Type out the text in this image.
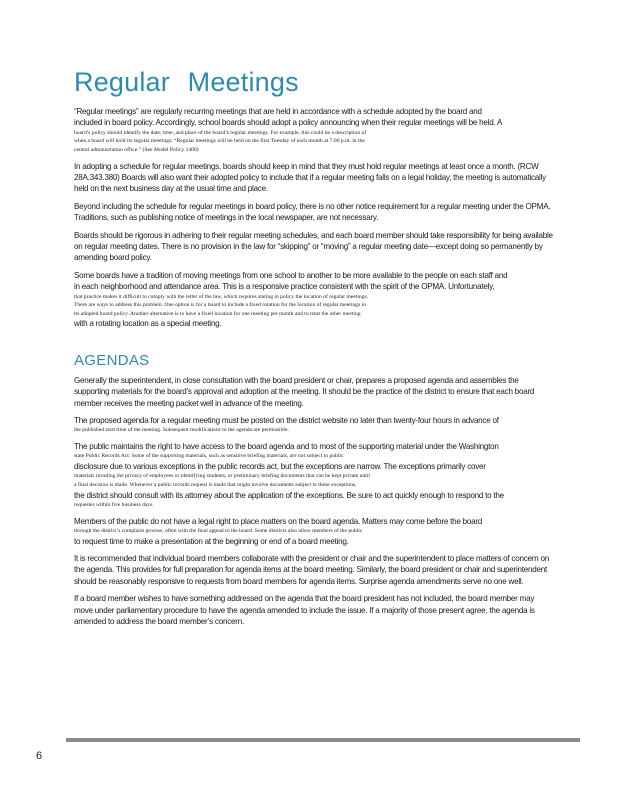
Regular Meetings
“Regular meetings” are regularly recurring meetings that are held in accordance with a schedule adopted by the board and
included in board policy. Accordingly, school boards should adopt a policy announcing when their regular meetings will be held. A
board’s policy should identify the date, time, and place of the board’s regular meetings. For example, this could be a description of
when a board will hold its regular meetings: “Regular meetings will be held on the first Tuesday of each month at 7:00 p.m. in the
central administration office.” (See Model Policy 1400)

In adopting a schedule for regular meetings, boards should keep in mind that they must hold regular meetings at least once a month. (RCW 28A.343.380) Boards will also want their adopted policy to include that if a regular meeting falls on a legal holiday, the meeting is automatically held on the next business day at the usual time and place.

Beyond including the schedule for regular meetings in board policy, there is no other notice requirement for a regular meeting under the OPMA. Traditions, such as publishing notice of meetings in the local newspaper, are not necessary.

Boards should be rigorous in adhering to their regular meeting schedules, and each board member should take responsibility for being available on regular meeting dates. There is no provision in the law for “skipping” or “moving” a regular meeting date—except doing so permanently by amending board policy.

Some boards have a tradition of moving meetings from one school to another to be more available to the people on each staff and
in each neighborhood and attendance area. This is a responsive practice consistent with the spirit of the OPMA. Unfortunately,
that practice makes it difficult to comply with the letter of the law, which requires stating in policy the location of regular meetings.
There are ways to address this problem. One option is for a board to include a fixed rotation for the location of regular meetings in
its adopted board policy. Another alternative is to have a fixed location for one meeting per month and to treat the other meeting
with a rotating location as a special meeting.
AGENDAS

Generally the superintendent, in close consultation with the board president or chair, prepares a proposed agenda and assembles the supporting materials for the board’s approval and adoption at the meeting. It should be the practice of the district to ensure that each board member receives the meeting packet well in advance of the meeting.

The proposed agenda for a regular meeting must be posted on the district website no later than twenty-four hours in advance of
the published start time of the meeting. Subsequent modifications to the agenda are permissible.
The public maintains the right to have access to the board agenda and to most of the supporting material under the Washington
state Public Records Act. Some of the supporting materials, such as sensitive briefing materials, are not subject to public
disclosure due to various exceptions in the public records act, but the exceptions are narrow. The exceptions primarily cover
materials invading the privacy of employees or identifying students, or preliminary briefing documents that can be kept private until
a final decision is made. Whenever a public records request is made that might involve documents subject to these exceptions,
the district should consult with its attorney about the application of the exceptions. Be sure to act quickly enough to respond to the
requester within five business days.
Members of the public do not have a legal right to place matters on the board agenda. Matters may come before the board
through the district’s complaint process, often with the final appeal to the board. Some districts also allow members of the public
to request time to make a presentation at the beginning or end of a board meeting.

It is recommended that individual board members collaborate with the president or chair and the superintendent to place matters of concern on the agenda. This provides for full preparation for agenda items at the board meeting. Similarly, the board president or chair and superintendent should be reasonably responsive to requests from board members for agenda items. Surprise agenda amendments serve no one well.

If a board member wishes to have something addressed on the agenda that the board president has not included, the board member may move under parliamentary procedure to have the agenda amended to include the issue. If a majority of those present agree, the agenda is amended to address the board member’s concern.

6
